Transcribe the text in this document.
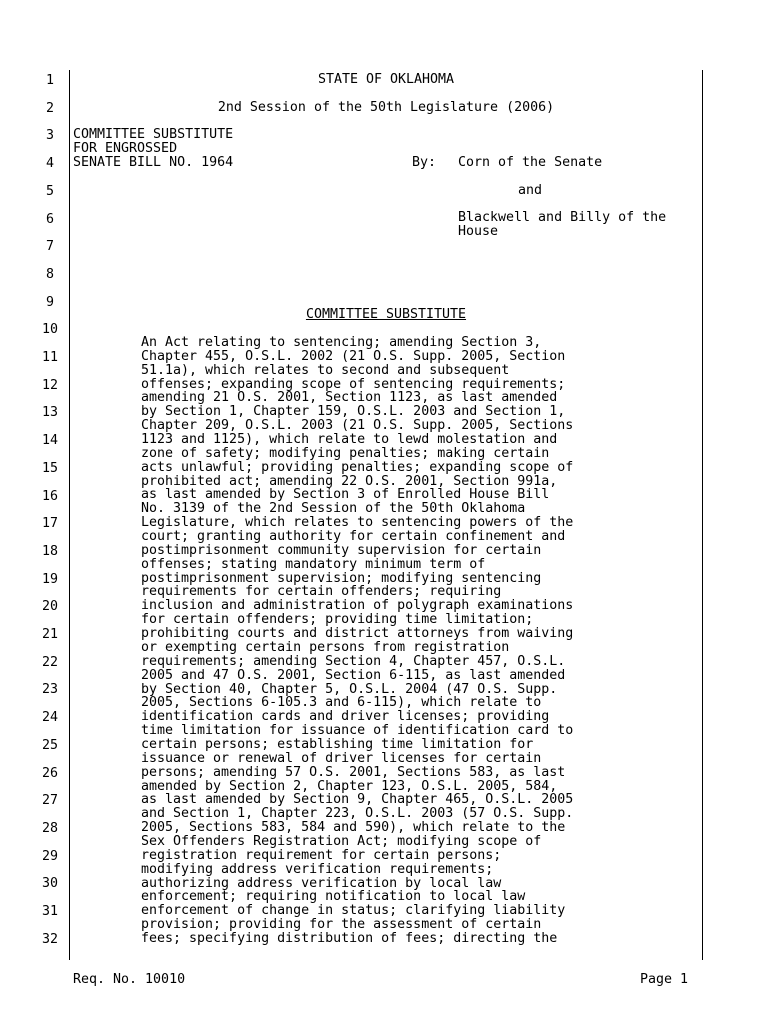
1
2
3
4
5
6
7
8
9
10
11
12
13
14
15
16
17
18
19
20
21
22
23
24
25
26
27
28
29
30
31
32
STATE OF OKLAHOMA
2nd Session of the 50th Legislature (2006)
COMMITTEE SUBSTITUTE
FOR ENGROSSED
SENATE BILL NO. 1964	By: Corn of the Senate
and
Blackwell and Billy of the
House
COMMITTEE SUBSTITUTE
An Act relating to sentencing; amending Section 3,
Chapter 455, O.S.L. 2002 (21 O.S. Supp. 2005, Section
51.1a), which relates to second and subsequent
offenses; expanding scope of sentencing requirements;
amending 21 O.S. 2001, Section 1123, as last amended
by Section 1, Chapter 159, O.S.L. 2003 and Section 1,
Chapter 209, O.S.L. 2003 (21 O.S. Supp. 2005, Sections
1123 and 1125), which relate to lewd molestation and
zone of safety; modifying penalties; making certain
acts unlawful; providing penalties; expanding scope of
prohibited act; amending 22 O.S. 2001, Section 991a,
as last amended by Section 3 of Enrolled House Bill
No. 3139 of the 2nd Session of the 50th Oklahoma
Legislature, which relates to sentencing powers of the
court; granting authority for certain confinement and
postimprisonment community supervision for certain
offenses; stating mandatory minimum term of
postimprisonment supervision; modifying sentencing
requirements for certain offenders; requiring
inclusion and administration of polygraph examinations
for certain offenders; providing time limitation;
prohibiting courts and district attorneys from waiving
or exempting certain persons from registration
requirements; amending Section 4, Chapter 457, O.S.L.
2005 and 47 O.S. 2001, Section 6-115, as last amended
by Section 40, Chapter 5, O.S.L. 2004 (47 O.S. Supp.
2005, Sections 6-105.3 and 6-115), which relate to
identification cards and driver licenses; providing
time limitation for issuance of identification card to
certain persons; establishing time limitation for
issuance or renewal of driver licenses for certain
persons; amending 57 O.S. 2001, Sections 583, as last
amended by Section 2, Chapter 123, O.S.L. 2005, 584,
as last amended by Section 9, Chapter 465, O.S.L. 2005
and Section 1, Chapter 223, O.S.L. 2003 (57 O.S. Supp.
2005, Sections 583, 584 and 590), which relate to the
Sex Offenders Registration Act; modifying scope of
registration requirement for certain persons;
modifying address verification requirements;
authorizing address verification by local law
enforcement; requiring notification to local law
enforcement of change in status; clarifying liability
provision; providing for the assessment of certain
fees; specifying distribution of fees; directing the
Req. No. 10010	Page 1
